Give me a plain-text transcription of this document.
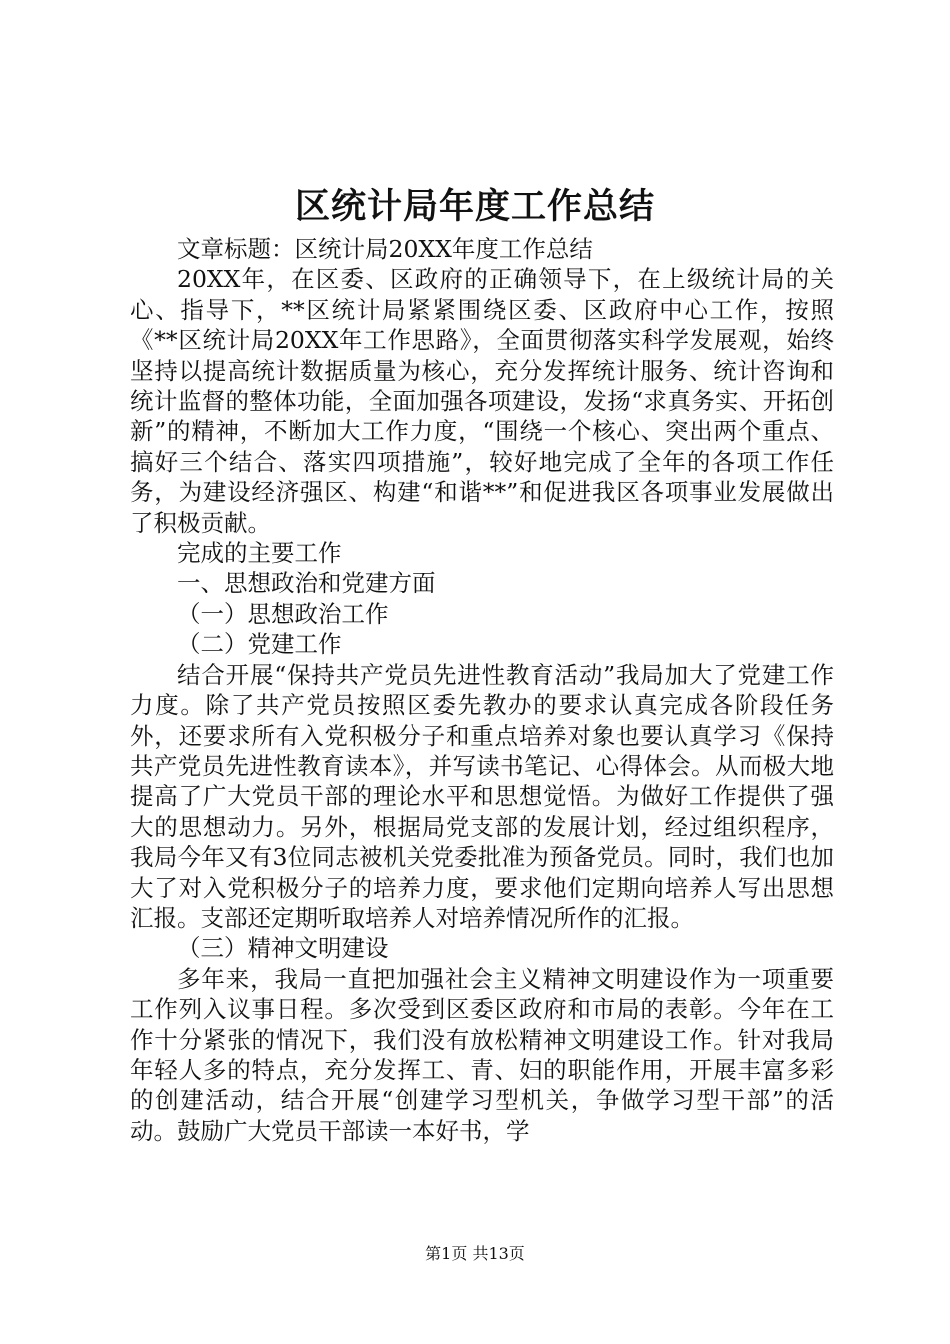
区统计局年度工作总结

文章标题：区统计局20XX年度工作总结

20XX年，在区委、区政府的正确领导下，在上级统计局的关心、指导下，**区统计局紧紧围绕区委、区政府中心工作，按照《**区统计局20XX年工作思路》，全面贯彻落实科学发展观，始终坚持以提高统计数据质量为核心，充分发挥统计服务、统计咨询和统计监督的整体功能，全面加强各项建设，发扬“求真务实、开拓创新”的精神，不断加大工作力度，“围绕一个核心、突出两个重点、搞好三个结合、落实四项措施”，较好地完成了全年的各项工作任务，为建设经济强区、构建“和谐**”和促进我区各项事业发展做出了积极贡献。

完成的主要工作

一、思想政治和党建方面

（一）思想政治工作

（二）党建工作

结合开展“保持共产党员先进性教育活动”我局加大了党建工作力度。除了共产党员按照区委先教办的要求认真完成各阶段任务外，还要求所有入党积极分子和重点培养对象也要认真学习《保持共产党员先进性教育读本》，并写读书笔记、心得体会。从而极大地提高了广大党员干部的理论水平和思想觉悟。为做好工作提供了强大的思想动力。另外，根据局党支部的发展计划，经过组织程序，我局今年又有3位同志被机关党委批准为预备党员。同时，我们也加大了对入党积极分子的培养力度，要求他们定期向培养人写出思想汇报。支部还定期听取培养人对培养情况所作的汇报。

（三）精神文明建设

多年来，我局一直把加强社会主义精神文明建设作为一项重要工作列入议事日程。多次受到区委区政府和市局的表彰。今年在工作十分紧张的情况下，我们没有放松精神文明建设工作。针对我局年轻人多的特点，充分发挥工、青、妇的职能作用，开展丰富多彩的创建活动，结合开展“创建学习型机关，争做学习型干部”的活动。鼓励广大党员干部读一本好书，学

第1页 共13页
